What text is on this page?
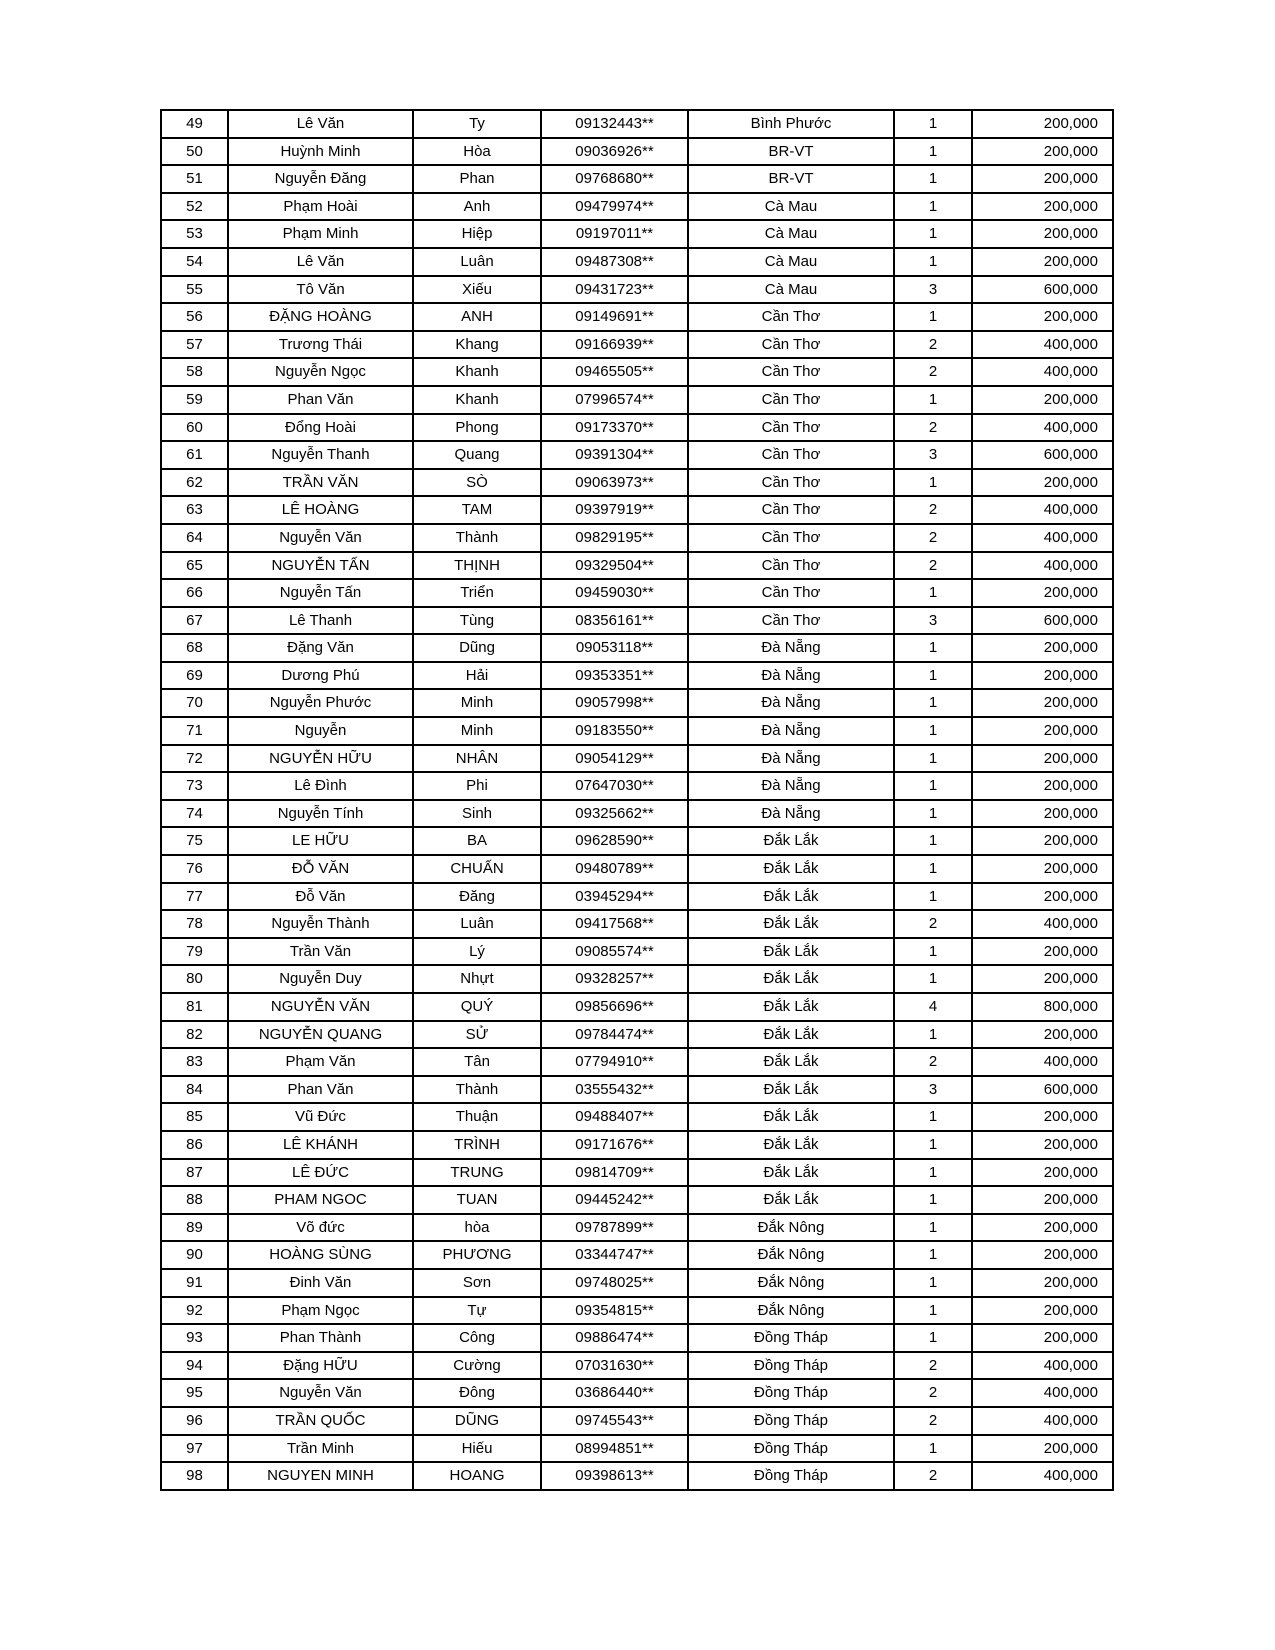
49	Lê Văn	Ty	09132443**	Bình Phước	1	200,000
50	Huỳnh Minh	Hòa	09036926**	BR-VT	1	200,000
51	Nguyễn Đăng	Phan	09768680**	BR-VT	1	200,000
52	Phạm Hoài	Anh	09479974**	Cà Mau	1	200,000
53	Phạm Minh	Hiệp	09197011**	Cà Mau	1	200,000
54	Lê Văn	Luân	09487308**	Cà Mau	1	200,000
55	Tô Văn	Xiếu	09431723**	Cà Mau	3	600,000
56	ĐẶNG HOÀNG	ANH	09149691**	Cần Thơ	1	200,000
57	Trương Thái	Khang	09166939**	Cần Thơ	2	400,000
58	Nguyễn Ngọc	Khanh	09465505**	Cần Thơ	2	400,000
59	Phan Văn	Khanh	07996574**	Cần Thơ	1	200,000
60	Đổng Hoài	Phong	09173370**	Cần Thơ	2	400,000
61	Nguyễn Thanh	Quang	09391304**	Cần Thơ	3	600,000
62	TRẦN VĂN	SÒ	09063973**	Cần Thơ	1	200,000
63	LÊ HOÀNG	TAM	09397919**	Cần Thơ	2	400,000
64	Nguyễn Văn	Thành	09829195**	Cần Thơ	2	400,000
65	NGUYỄN TẤN	THỊNH	09329504**	Cần Thơ	2	400,000
66	Nguyễn Tấn	Triển	09459030**	Cần Thơ	1	200,000
67	Lê Thanh	Tùng	08356161**	Cần Thơ	3	600,000
68	Đặng Văn	Dũng	09053118**	Đà Nẵng	1	200,000
69	Dương Phú	Hải	09353351**	Đà Nẵng	1	200,000
70	Nguyễn Phước	Minh	09057998**	Đà Nẵng	1	200,000
71	Nguyễn	Minh	09183550**	Đà Nẵng	1	200,000
72	NGUYỄN HỮU	NHÂN	09054129**	Đà Nẵng	1	200,000
73	Lê Đình	Phi	07647030**	Đà Nẵng	1	200,000
74	Nguyễn Tính	Sinh	09325662**	Đà Nẵng	1	200,000
75	LE HỮU	BA	09628590**	Đắk Lắk	1	200,000
76	ĐỖ VĂN	CHUẤN	09480789**	Đắk Lắk	1	200,000
77	Đỗ Văn	Đăng	03945294**	Đắk Lắk	1	200,000
78	Nguyễn Thành	Luân	09417568**	Đắk Lắk	2	400,000
79	Trần Văn	Lý	09085574**	Đắk Lắk	1	200,000
80	Nguyễn Duy	Nhựt	09328257**	Đắk Lắk	1	200,000
81	NGUYỄN VĂN	QUÝ	09856696**	Đắk Lắk	4	800,000
82	NGUYỄN QUANG	SỬ	09784474**	Đắk Lắk	1	200,000
83	Phạm Văn	Tân	07794910**	Đắk Lắk	2	400,000
84	Phan Văn	Thành	03555432**	Đắk Lắk	3	600,000
85	Vũ Đức	Thuận	09488407**	Đắk Lắk	1	200,000
86	LÊ KHÁNH	TRÌNH	09171676**	Đắk Lắk	1	200,000
87	LÊ ĐỨC	TRUNG	09814709**	Đắk Lắk	1	200,000
88	PHAM NGOC	TUAN	09445242**	Đắk Lắk	1	200,000
89	Võ đức	hòa	09787899**	Đắk Nông	1	200,000
90	HOÀNG SÙNG	PHƯƠNG	03344747**	Đắk Nông	1	200,000
91	Đinh Văn	Sơn	09748025**	Đắk Nông	1	200,000
92	Phạm Ngọc	Tự	09354815**	Đắk Nông	1	200,000
93	Phan Thành	Công	09886474**	Đồng Tháp	1	200,000
94	Đặng HỮU	Cường	07031630**	Đồng Tháp	2	400,000
95	Nguyễn Văn	Đông	03686440**	Đồng Tháp	2	400,000
96	TRẦN QUỐC	DŨNG	09745543**	Đồng Tháp	2	400,000
97	Trần Minh	Hiếu	08994851**	Đồng Tháp	1	200,000
98	NGUYEN MINH	HOANG	09398613**	Đồng Tháp	2	400,000
